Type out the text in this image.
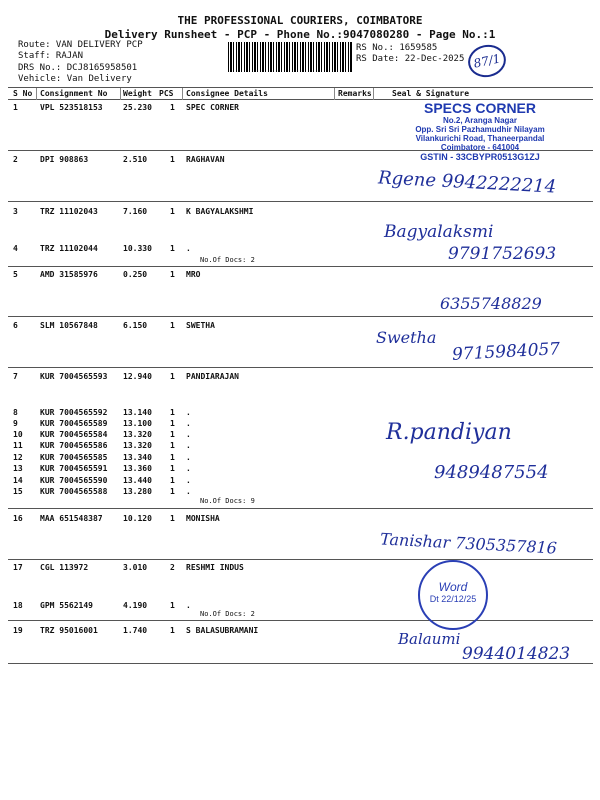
THE PROFESSIONAL COURIERS, COIMBATORE
Delivery Runsheet - PCP - Phone No.:9047080280 - Page No.:1
Route: VAN DELIVERY PCP
Staff: RAJAN
DRS No.: DCJ8165958501
Vehicle: Van Delivery
RS No.: 1659585
RS Date: 22-Dec-2025 87/1
S No Consignment No Weight PCS Consignee Details	Remarks	Seal & Signature
1	VPL 523518153	25.230 1 SPEC CORNER
2	DPI 908863	2.510	1 RAGHAVAN
3	TRZ 11102043	7.160	1 K BAGYALAKSHMI
4	TRZ 11102044	10.330 1 .
5	AMD 31585976	0.250	1 MRO
6	SLM 10567848	6.150	1 SWETHA
7	KUR 7004565593 12.940 1 PANDIARAJAN
8	KUR 7004565592 13.140 1 .
9	KUR 7004565589 13.100 1 .
10 KUR 7004565584 13.320 1 .
11 KUR 7004565586 13.320 1 .
12 KUR 7004565585 13.340 1 .
13 KUR 7004565591 13.360 1 .
14 KUR 7004565590 13.440 1 .
15 KUR 7004565588 13.280 1 .
16 MAA 651548387	10.120 1 MONISHA
17 CGL 113972	3.010	2 RESHMI INDUS
18 GPM 5562149	4.190	1 .
19 TRZ 95016001	1.740	1 S BALASUBRAMANI
No.Of Docs: 2
No.Of Docs: 9
No.Of Docs: 2
SPECS CORNER
No.2, Aranga Nagar
Opp. Sri Sri Pazhamudhir Nilayam
Vilankurichi Road, Thaneerpandal
Coimbatore - 641004
GSTIN - 33CBYPR0513G1ZJ
Rgene 9942222214
Bagyalaksmi
9791752693
6355748829
Swetha
9715984057
R.pandiyan
9489487554
Tanishar 7305357816
Balaumi
9944014823
Word
Dt 22/12/25
